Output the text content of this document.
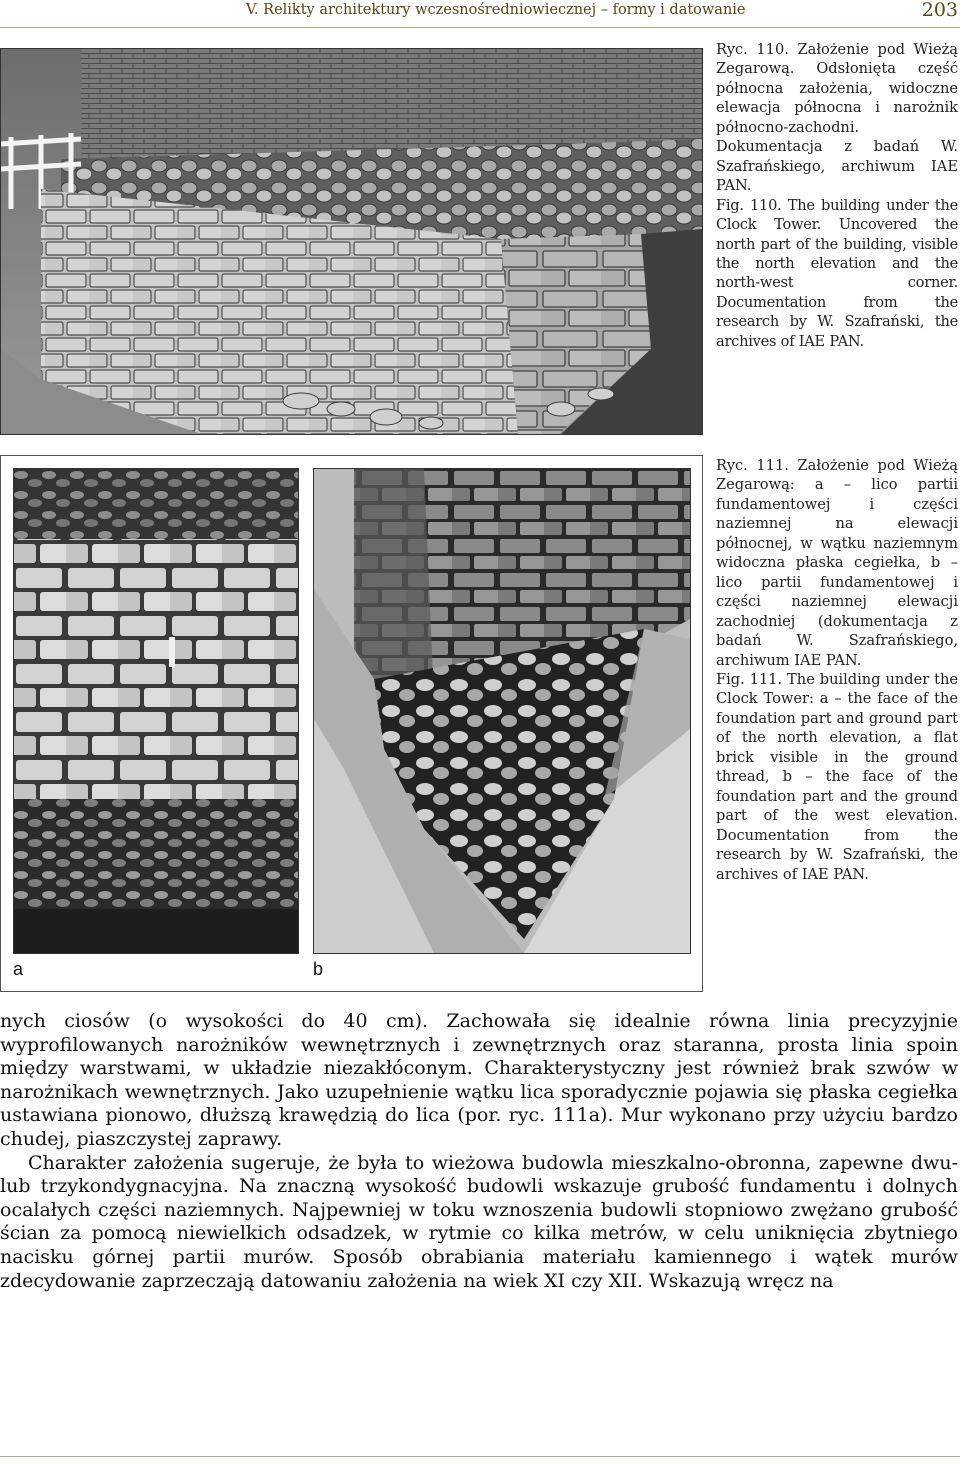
V. Relikty architektury wczesnośredniowiecznej – formy i datowanie	203

Ryc. 110. Założenie pod Wieżą Zegarową. Odsłonięta część północna założenia, widoczne elewacja północna i narożnik północno-zachodni. Dokumentacja z badań W. Szafrańskiego, archiwum IAE PAN.

Fig. 110. The building under the Clock Tower. Uncovered the north part of the building, visible the north elevation and the north-west corner. Documentation from the research by W. Szafrański, the archives of IAE PAN.

a	b

Ryc. 111. Założenie pod Wieżą Zegarową: a – lico partii fundamentowej i części naziemnej na elewacji północnej, w wątku naziemnym widoczna płaska cegiełka, b – lico partii fundamentowej i części naziemnej elewacji zachodniej (dokumentacja z badań W. Szafrańskiego, archiwum IAE PAN.

Fig. 111. The building under the Clock Tower: a – the face of the foundation part and ground part of the north elevation, a flat brick visible in the ground thread, b – the face of the foundation part and the ground part of the west elevation. Documentation from the research by W. Szafrański, the archives of IAE PAN.

nych ciosów (o wysokości do 40 cm). Zachowała się idealnie równa linia precyzyjnie wyprofilowanych narożników wewnętrznych i zewnętrznych oraz staranna, prosta linia spoin między warstwami, w układzie niezakłóconym. Charakterystyczny jest również brak szwów w narożnikach wewnętrznych. Jako uzupełnienie wątku lica sporadycznie pojawia się płaska cegiełka ustawiana pionowo, dłuższą krawędzią do lica (por. ryc. 111a). Mur wykonano przy użyciu bardzo chudej, piaszczystej zaprawy.

Charakter założenia sugeruje, że była to wieżowa budowla mieszkalno-obronna, zapewne dwu- lub trzykondygnacyjna. Na znaczną wysokość budowli wskazuje grubość fundamentu i dolnych ocalałych części naziemnych. Najpewniej w toku wznoszenia budowli stopniowo zwężano grubość ścian za pomocą niewielkich odsadzek, w rytmie co kilka metrów, w celu uniknięcia zbytniego nacisku górnej partii murów. Sposób obrabiania materiału kamiennego i wątek murów zdecydowanie zaprzeczają datowaniu założenia na wiek XI czy XII. Wskazują wręcz na
